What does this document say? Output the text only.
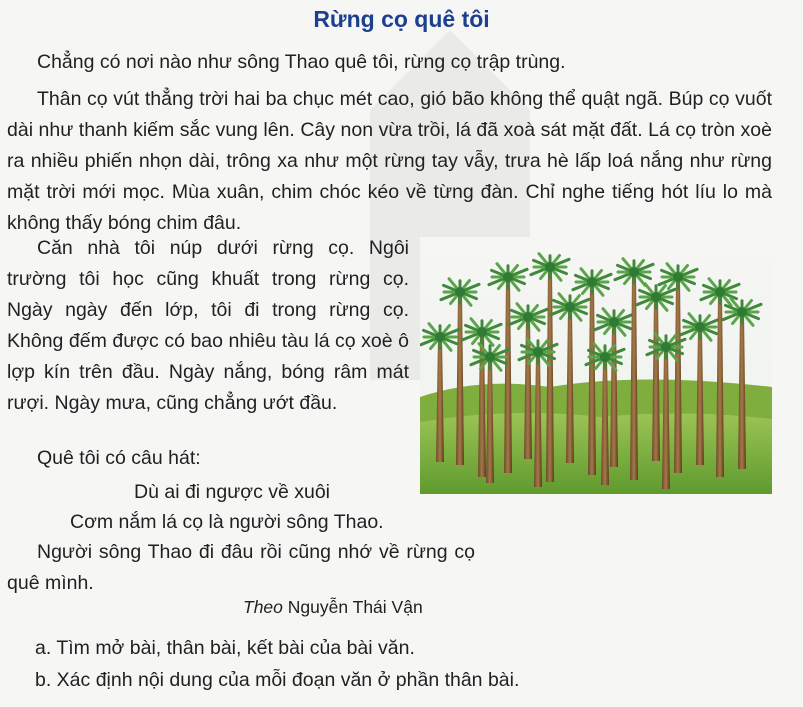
Rừng cọ quê tôi

Chẳng có nơi nào như sông Thao quê tôi, rừng cọ trập trùng.

Thân cọ vút thẳng trời hai ba chục mét cao, gió bão không thể quật ngã. Búp cọ vuốt dài như thanh kiếm sắc vung lên. Cây non vừa trồi, lá đã xoà sát mặt đất. Lá cọ tròn xoè ra nhiều phiến nhọn dài, trông xa như một rừng tay vẫy, trưa hè lấp loá nắng như rừng mặt trời mới mọc. Mùa xuân, chim chóc kéo về từng đàn. Chỉ nghe tiếng hót líu lo mà không thấy bóng chim đâu.

Căn nhà tôi núp dưới rừng cọ. Ngôi trường tôi học cũng khuất trong rừng cọ. Ngày ngày đến lớp, tôi đi trong rừng cọ. Không đếm được có bao nhiêu tàu lá cọ xoè ô lợp kín trên đầu. Ngày nắng, bóng râm mát rượi. Ngày mưa, cũng chẳng ướt đầu.

Quê tôi có câu hát:

Dù ai đi ngược về xuôi

Cơm nắm lá cọ là người sông Thao.

Người sông Thao đi đâu rồi cũng nhớ về rừng cọ quê mình.

Theo Nguyễn Thái Vận

a. Tìm mở bài, thân bài, kết bài của bài văn.

b. Xác định nội dung của mỗi đoạn văn ở phần thân bài.
